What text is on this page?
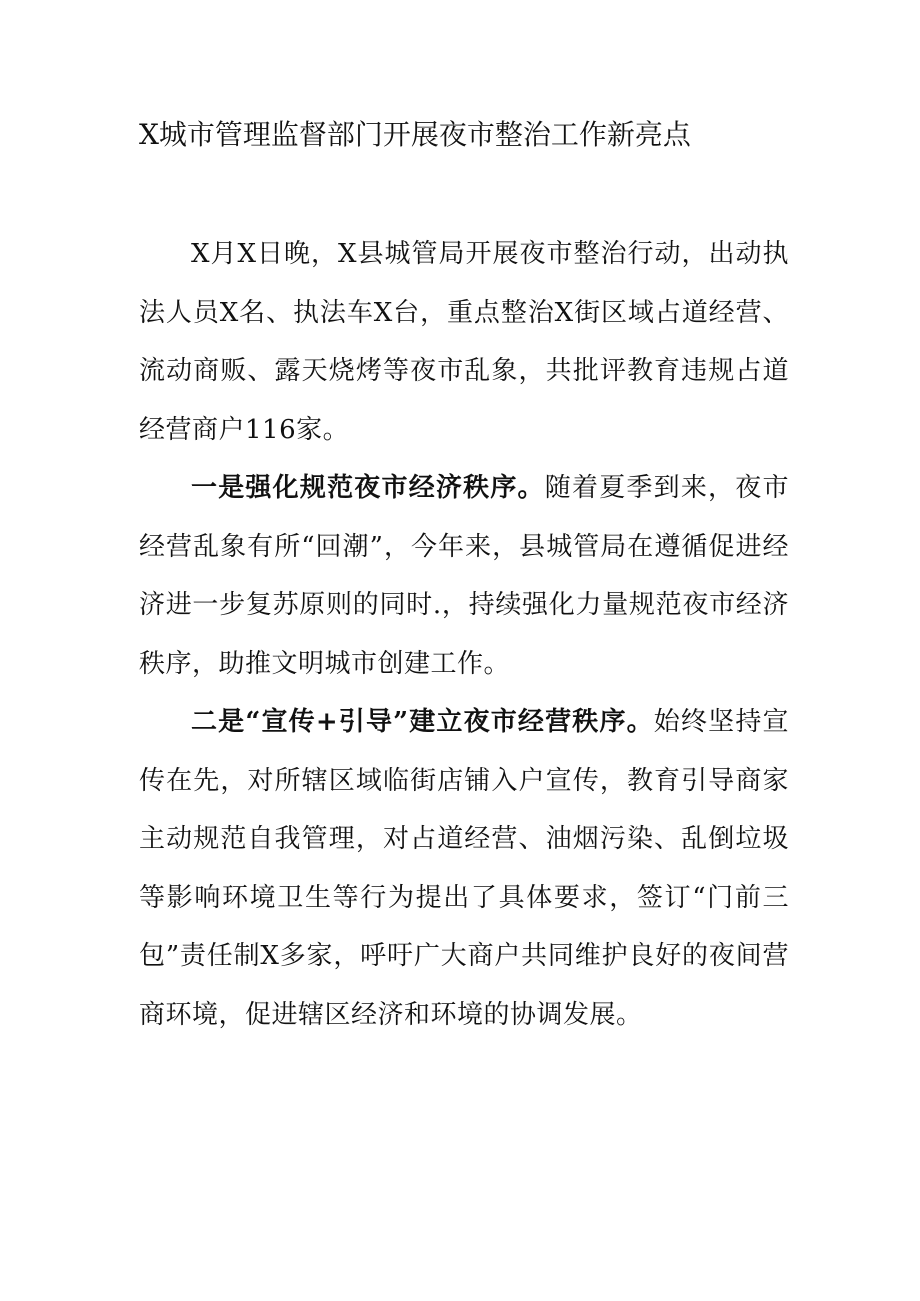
X城市管理监督部门开展夜市整治工作新亮点

X月X日晚，X县城管局开展夜市整治行动，出动执法人员X名、执法车X台，重点整治X街区域占道经营、流动商贩、露天烧烤等夜市乱象，共批评教育违规占道经营商户116家。

一是强化规范夜市经济秩序。随着夏季到来，夜市经营乱象有所“回潮”，今年来，县城管局在遵循促进经济进一步复苏原则的同时.，持续强化力量规范夜市经济秩序，助推文明城市创建工作。

二是“宣传+引导”建立夜市经营秩序。始终坚持宣传在先，对所辖区域临街店铺入户宣传，教育引导商家主动规范自我管理，对占道经营、油烟污染、乱倒垃圾等影响环境卫生等行为提出了具体要求，签订“门前三包”责任制X多家，呼吁广大商户共同维护良好的夜间营商环境，促进辖区经济和环境的协调发展。
